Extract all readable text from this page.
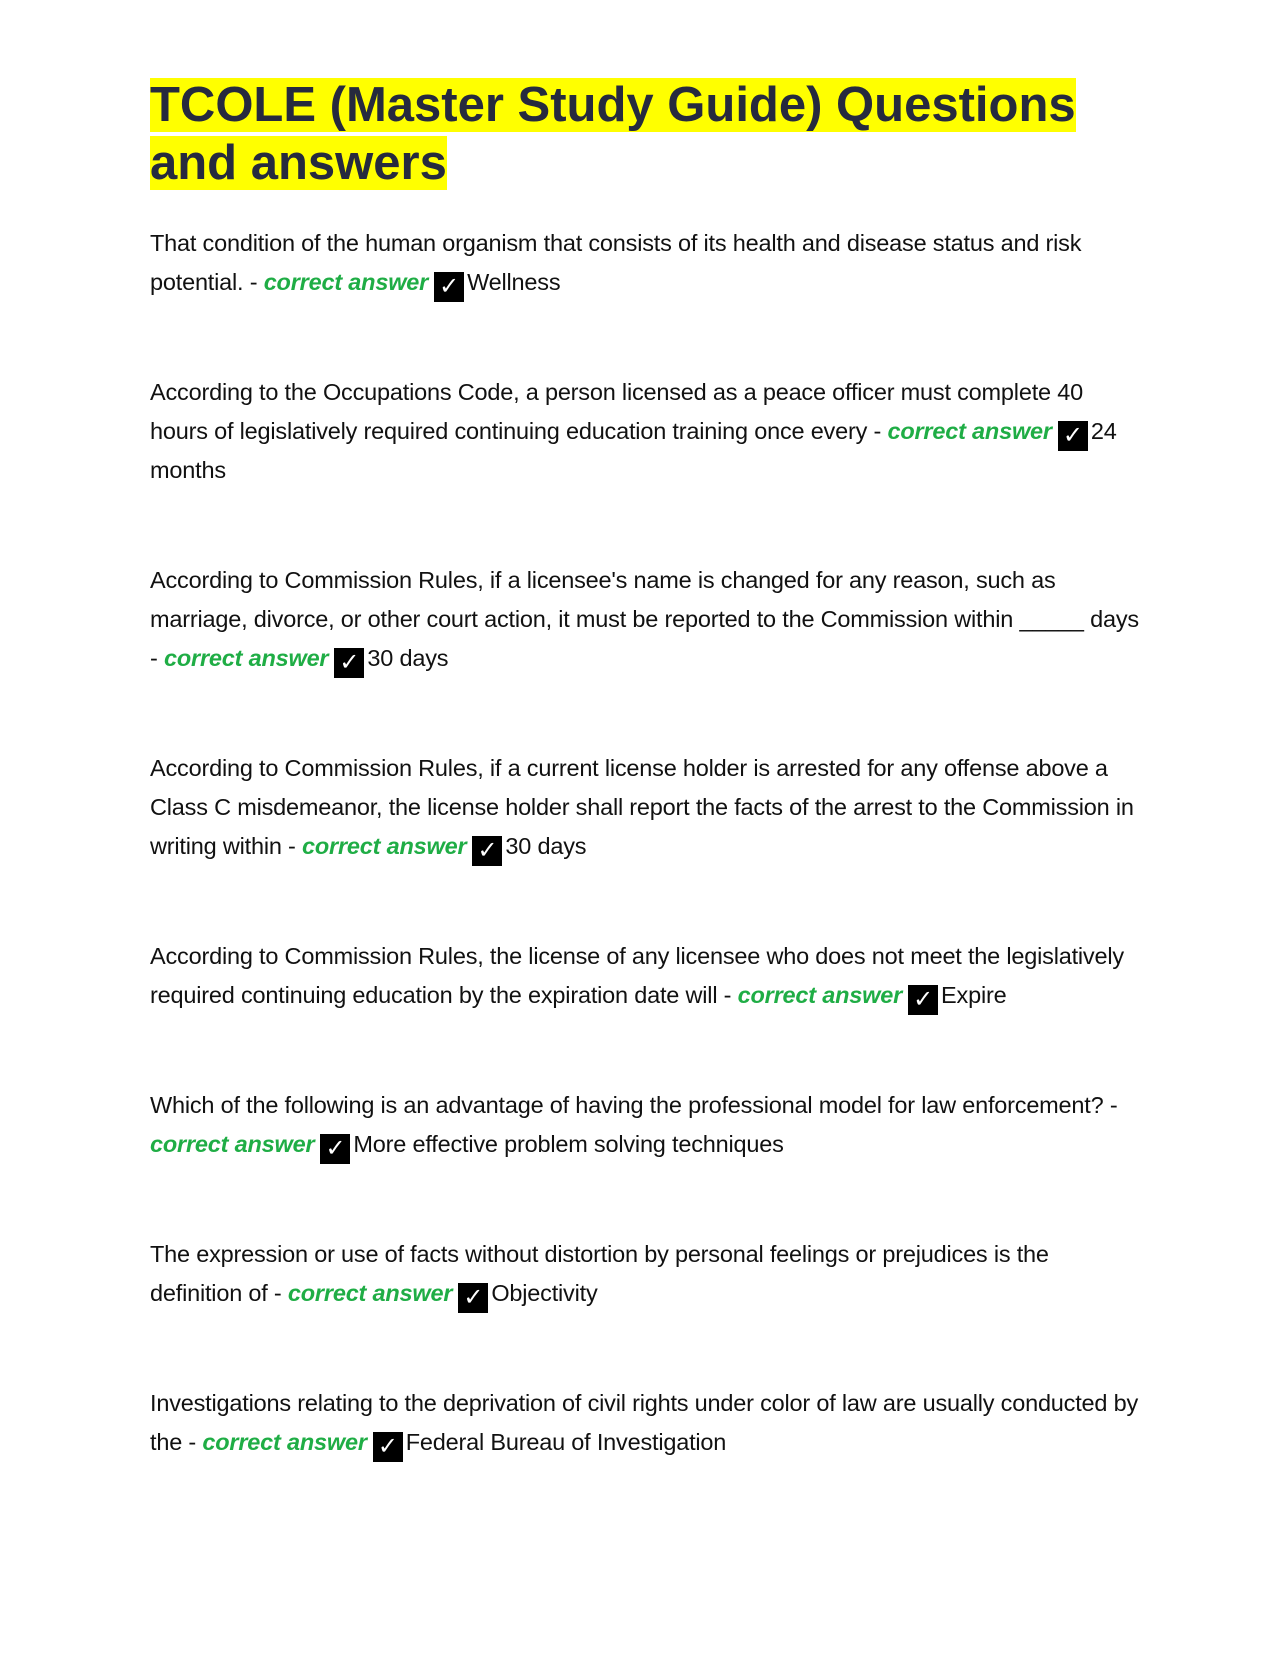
TCOLE (Master Study Guide) Questions and answers

That condition of the human organism that consists of its health and disease status and risk potential. - correct answer ✓ Wellness

According to the Occupations Code, a person licensed as a peace officer must complete 40 hours of legislatively required continuing education training once every - correct answer ✓ 24 months

According to Commission Rules, if a licensee's name is changed for any reason, such as marriage, divorce, or other court action, it must be reported to the Commission within _____ days - correct answer ✓ 30 days

According to Commission Rules, if a current license holder is arrested for any offense above a Class C misdemeanor, the license holder shall report the facts of the arrest to the Commission in writing within - correct answer ✓ 30 days

According to Commission Rules, the license of any licensee who does not meet the legislatively required continuing education by the expiration date will - correct answer ✓ Expire

Which of the following is an advantage of having the professional model for law enforcement? - correct answer ✓ More effective problem solving techniques

The expression or use of facts without distortion by personal feelings or prejudices is the definition of - correct answer ✓ Objectivity

Investigations relating to the deprivation of civil rights under color of law are usually conducted by the - correct answer ✓ Federal Bureau of Investigation
